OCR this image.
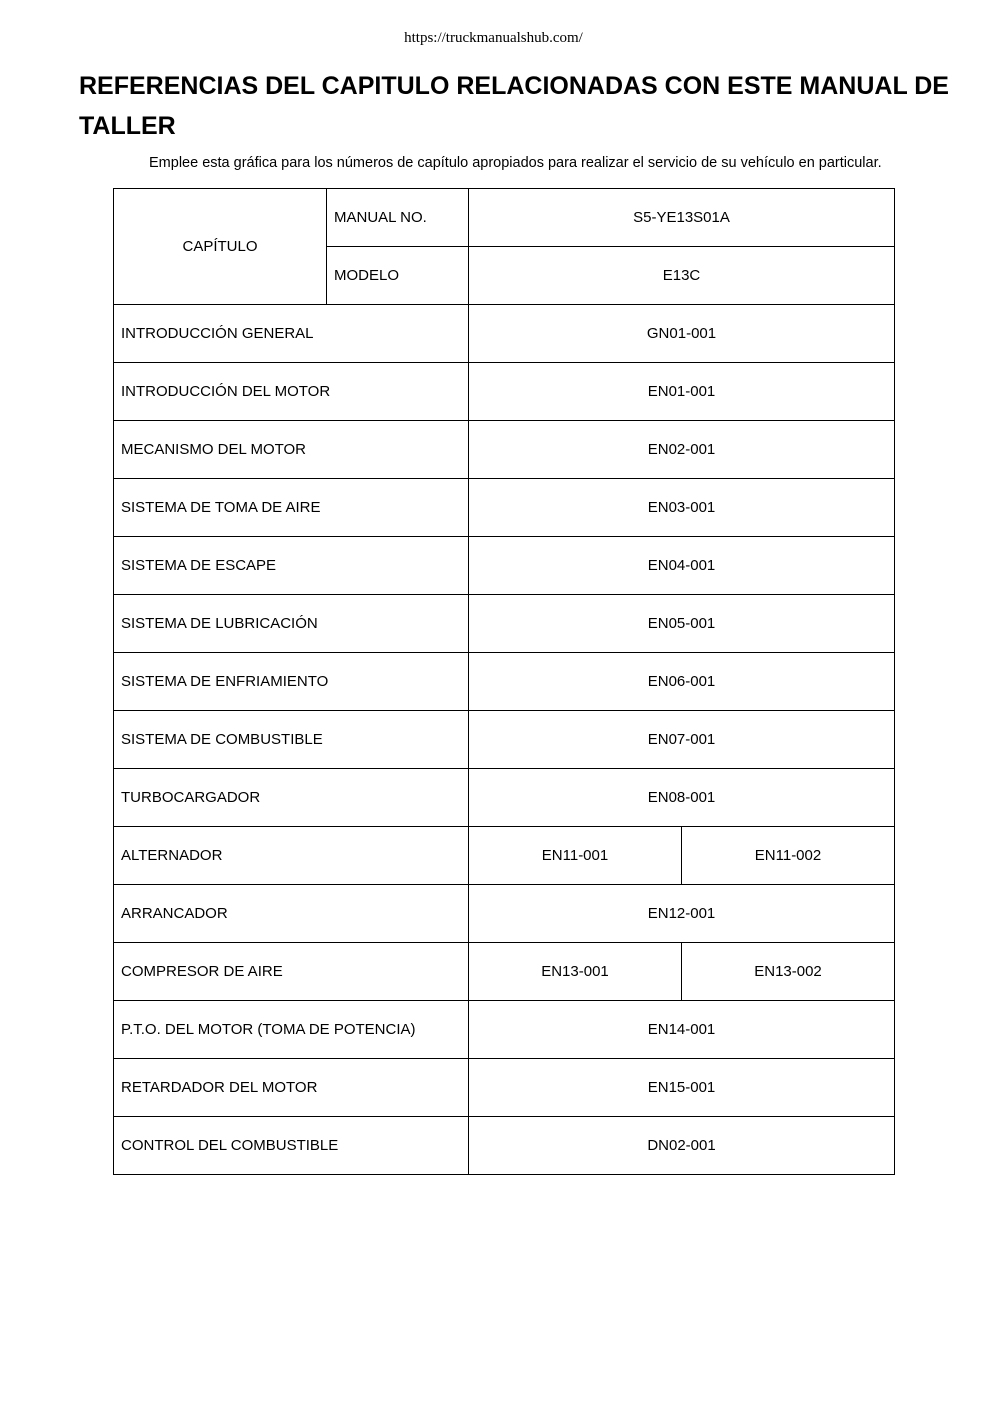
https://truckmanualshub.com/
REFERENCIAS DEL CAPITULO RELACIONADAS CON ESTE MANUAL DE TALLER
Emplee esta gráfica para los números de capítulo apropiados para realizar el servicio de su vehículo en particular.
CAPÍTULO	MANUAL NO.	S5-YE13S01A	
	MODELO	E13C	
INTRODUCCIÓN GENERAL		GN01-001	
INTRODUCCIÓN DEL MOTOR		EN01-001	
MECANISMO DEL MOTOR		EN02-001	
SISTEMA DE TOMA DE AIRE		EN03-001	
SISTEMA DE ESCAPE		EN04-001	
SISTEMA DE LUBRICACIÓN		EN05-001	
SISTEMA DE ENFRIAMIENTO		EN06-001	
SISTEMA DE COMBUSTIBLE		EN07-001	
TURBOCARGADOR		EN08-001	
ALTERNADOR		EN11-001	EN11-002
ARRANCADOR		EN12-001	
COMPRESOR DE AIRE		EN13-001	EN13-002
P.T.O. DEL MOTOR (TOMA DE POTENCIA)		EN14-001	
RETARDADOR DEL MOTOR		EN15-001	
CONTROL DEL COMBUSTIBLE		DN02-001	
